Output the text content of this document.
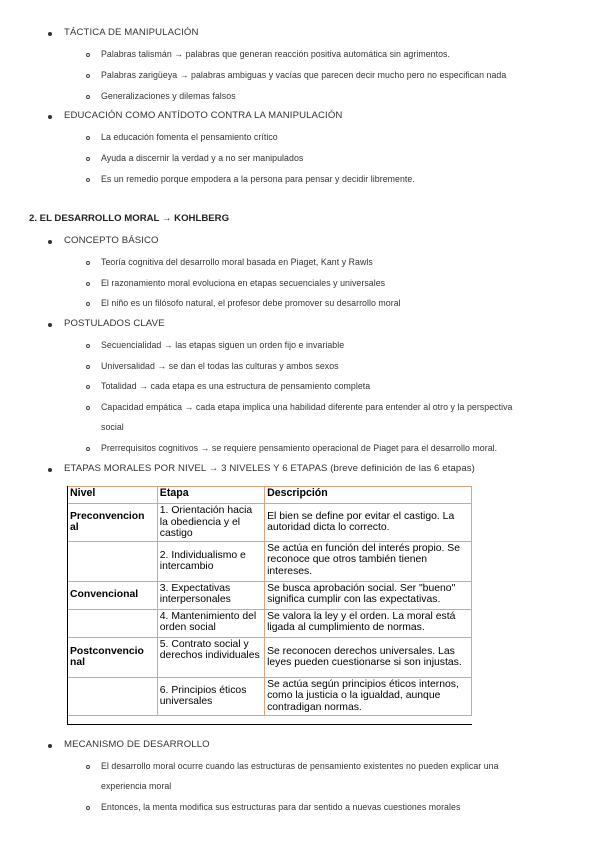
TÁCTICA DE MANIPULACIÓN
Palabras talismán → palabras que generan reacción positiva automática sin agrimentos.
Palabras zarigüeya → palabras ambiguas y vacías que parecen decir mucho pero no especifican nada
Generalizaciones y dilemas falsos
EDUCACIÓN COMO ANTÍDOTO CONTRA LA MANIPULACIÓN
La educación fomenta el pensamiento crítico
Ayuda a discernir la verdad y a no ser manipulados
Es un remedio porque empodera a la persona para pensar y decidir libremente.
2. EL DESARROLLO MORAL → KOHLBERG
CONCEPTO BÁSICO
Teoría cognitiva del desarrollo moral basada en Piaget, Kant y Rawls
El razonamiento moral evoluciona en etapas secuenciales y universales
El niño es un filósofo natural, el profesor debe promover su desarrollo moral
POSTULADOS CLAVE
Secuencialidad → las etapas siguen un orden fijo e invariable
Universalidad → se dan el todas las culturas y ambos sexos
Totalidad → cada etapa es una estructura de pensamiento completa
Capacidad empática → cada etapa implica una habilidad diferente para entender al otro y la perspectiva
social
Prerrequisitos cognitivos → se requiere pensamiento operacional de Piaget para el desarrollo moral.
ETAPAS MORALES POR NIVEL → 3 NIVELES Y 6 ETAPAS (breve definición de las 6 etapas)
Nivel	Etapa	Descripción
Preconvencion al	1. Orientación hacia la obediencia y el castigo	El bien se define por evitar el castigo. La autoridad dicta lo correcto.
	2. Individualismo e intercambio	Se actúa en función del interés propio. Se reconoce que otros también tienen intereses.
Convencional	3. Expectativas interpersonales	Se busca aprobación social. Ser "bueno" significa cumplir con las expectativas.
	4. Mantenimiento del orden social	Se valora la ley y el orden. La moral está ligada al cumplimiento de normas.
Postconvencio nal	5. Contrato social y derechos individuales	Se reconocen derechos universales. Las leyes pueden cuestionarse si son injustas.
	6. Principios éticos universales	Se actúa según principios éticos internos, como la justicia o la igualdad, aunque contradigan normas.
MECANISMO DE DESARROLLO
El desarrollo moral ocurre cuando las estructuras de pensamiento existentes no pueden explicar una
experiencia moral
Entonces, la menta modifica sus estructuras para dar sentido a nuevas cuestiones morales
